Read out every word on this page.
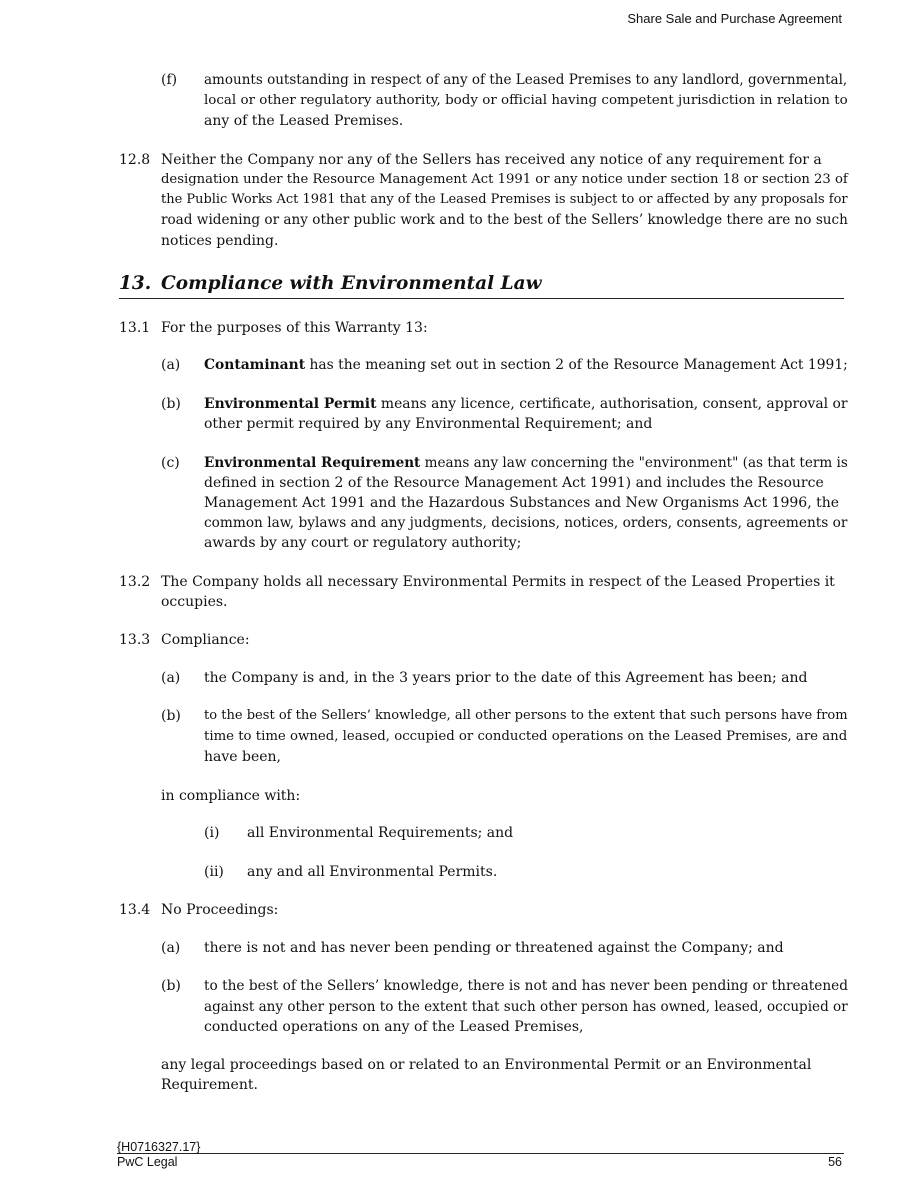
Share Sale and Purchase Agreement
(f) amounts outstanding in respect of any of the Leased Premises to any landlord, governmental,
local or other regulatory authority, body or official having competent jurisdiction in relation to
any of the Leased Premises.
12.8 Neither the Company nor any of the Sellers has received any notice of any requirement for a
designation under the Resource Management Act 1991 or any notice under section 18 or section 23 of
the Public Works Act 1981 that any of the Leased Premises is subject to or affected by any proposals for
road widening or any other public work and to the best of the Sellers’ knowledge there are no such
notices pending.
13. Compliance with Environmental Law
13.1 For the purposes of this Warranty 13:
(a) Contaminant has the meaning set out in section 2 of the Resource Management Act 1991;
(b) Environmental Permit means any licence, certificate, authorisation, consent, approval or
other permit required by any Environmental Requirement; and
(c) Environmental Requirement means any law concerning the "environment" (as that term is
defined in section 2 of the Resource Management Act 1991) and includes the Resource
Management Act 1991 and the Hazardous Substances and New Organisms Act 1996, the
common law, bylaws and any judgments, decisions, notices, orders, consents, agreements or
awards by any court or regulatory authority;
13.2 The Company holds all necessary Environmental Permits in respect of the Leased Properties it
occupies.
13.3 Compliance:
(a) the Company is and, in the 3 years prior to the date of this Agreement has been; and
(b) to the best of the Sellers’ knowledge, all other persons to the extent that such persons have from
time to time owned, leased, occupied or conducted operations on the Leased Premises, are and
have been,
in compliance with:
(i) all Environmental Requirements; and
(ii) any and all Environmental Permits.
13.4 No Proceedings:
(a) there is not and has never been pending or threatened against the Company; and
(b) to the best of the Sellers’ knowledge, there is not and has never been pending or threatened
against any other person to the extent that such other person has owned, leased, occupied or
conducted operations on any of the Leased Premises,
any legal proceedings based on or related to an Environmental Permit or an Environmental
Requirement.
{H0716327.17}
PwC Legal	56
